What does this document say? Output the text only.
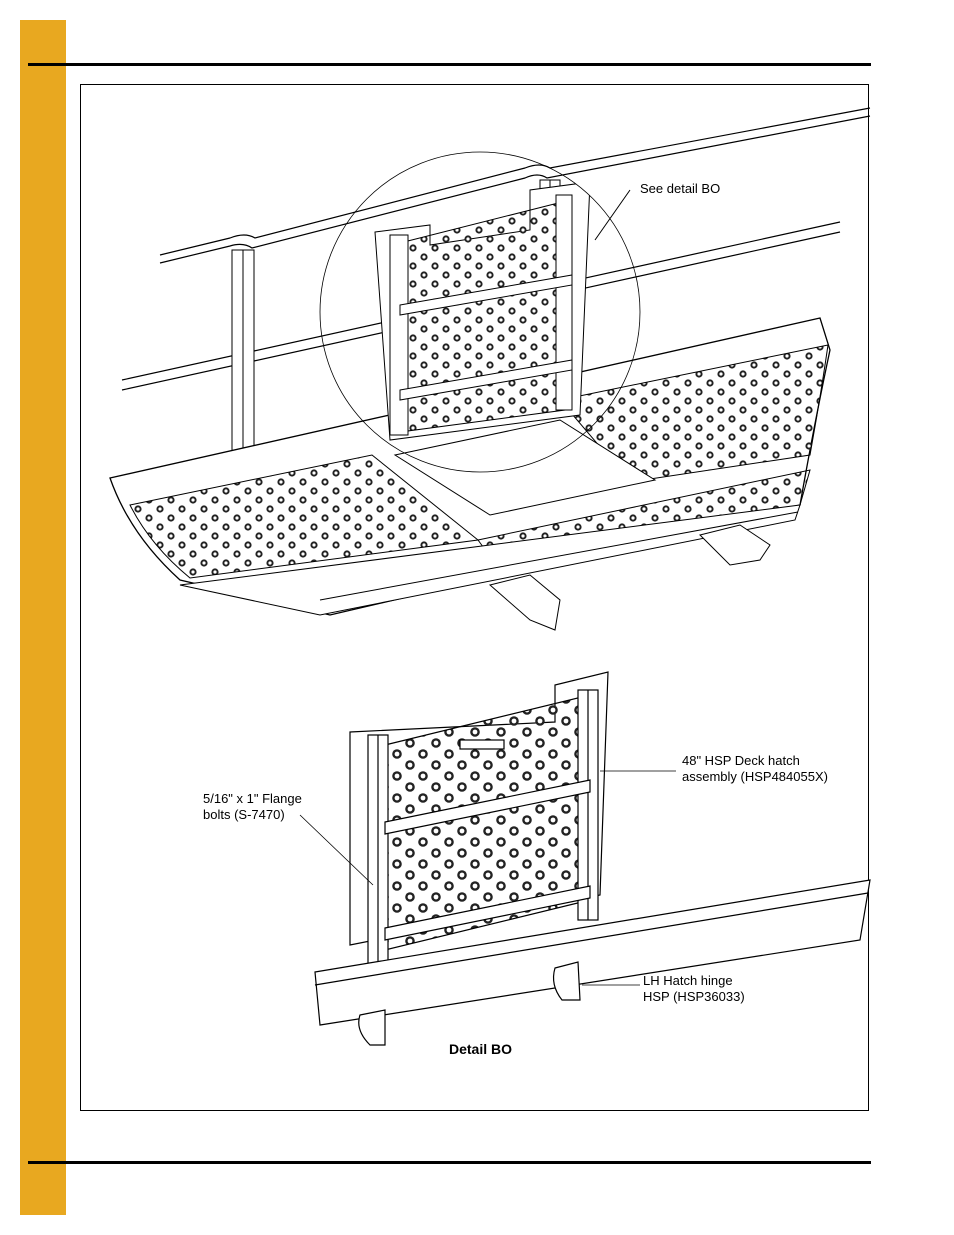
See detail BO
48" HSP Deck hatch
assembly (HSP484055X)
5/16" x 1" Flange
bolts (S-7470)
LH Hatch hinge
HSP (HSP36033)
Detail BO
